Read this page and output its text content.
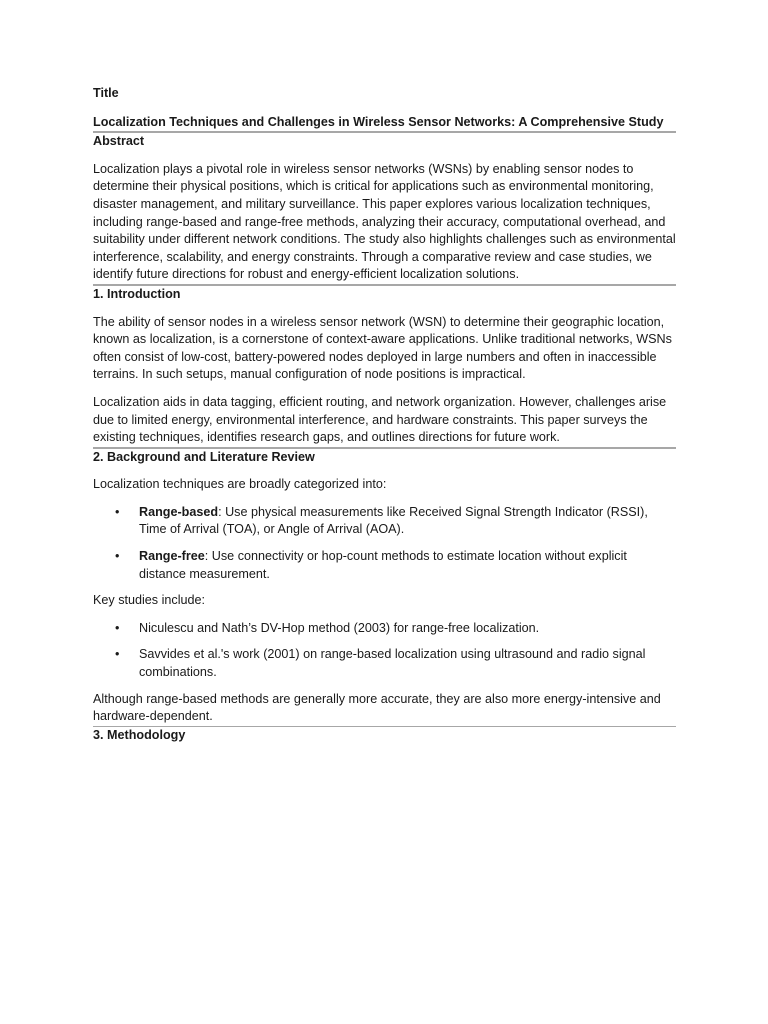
Title

Localization Techniques and Challenges in Wireless Sensor Networks: A Comprehensive Study

Abstract

Localization plays a pivotal role in wireless sensor networks (WSNs) by enabling sensor nodes to determine their physical positions, which is critical for applications such as environmental monitoring, disaster management, and military surveillance. This paper explores various localization techniques, including range-based and range-free methods, analyzing their accuracy, computational overhead, and suitability under different network conditions. The study also highlights challenges such as environmental interference, scalability, and energy constraints. Through a comparative review and case studies, we identify future directions for robust and energy-efficient localization solutions.

1. Introduction

The ability of sensor nodes in a wireless sensor network (WSN) to determine their geographic location, known as localization, is a cornerstone of context-aware applications. Unlike traditional networks, WSNs often consist of low-cost, battery-powered nodes deployed in large numbers and often in inaccessible terrains. In such setups, manual configuration of node positions is impractical.

Localization aids in data tagging, efficient routing, and network organization. However, challenges arise due to limited energy, environmental interference, and hardware constraints. This paper surveys the existing techniques, identifies research gaps, and outlines directions for future work.

2. Background and Literature Review

Localization techniques are broadly categorized into:

• Range-based: Use physical measurements like Received Signal Strength Indicator (RSSI), Time of Arrival (TOA), or Angle of Arrival (AOA).
• Range-free: Use connectivity or hop-count methods to estimate location without explicit distance measurement.

Key studies include:

• Niculescu and Nath’s DV-Hop method (2003) for range-free localization.
• Savvides et al.'s work (2001) on range-based localization using ultrasound and radio signal combinations.

Although range-based methods are generally more accurate, they are also more energy-intensive and hardware-dependent.

3. Methodology
